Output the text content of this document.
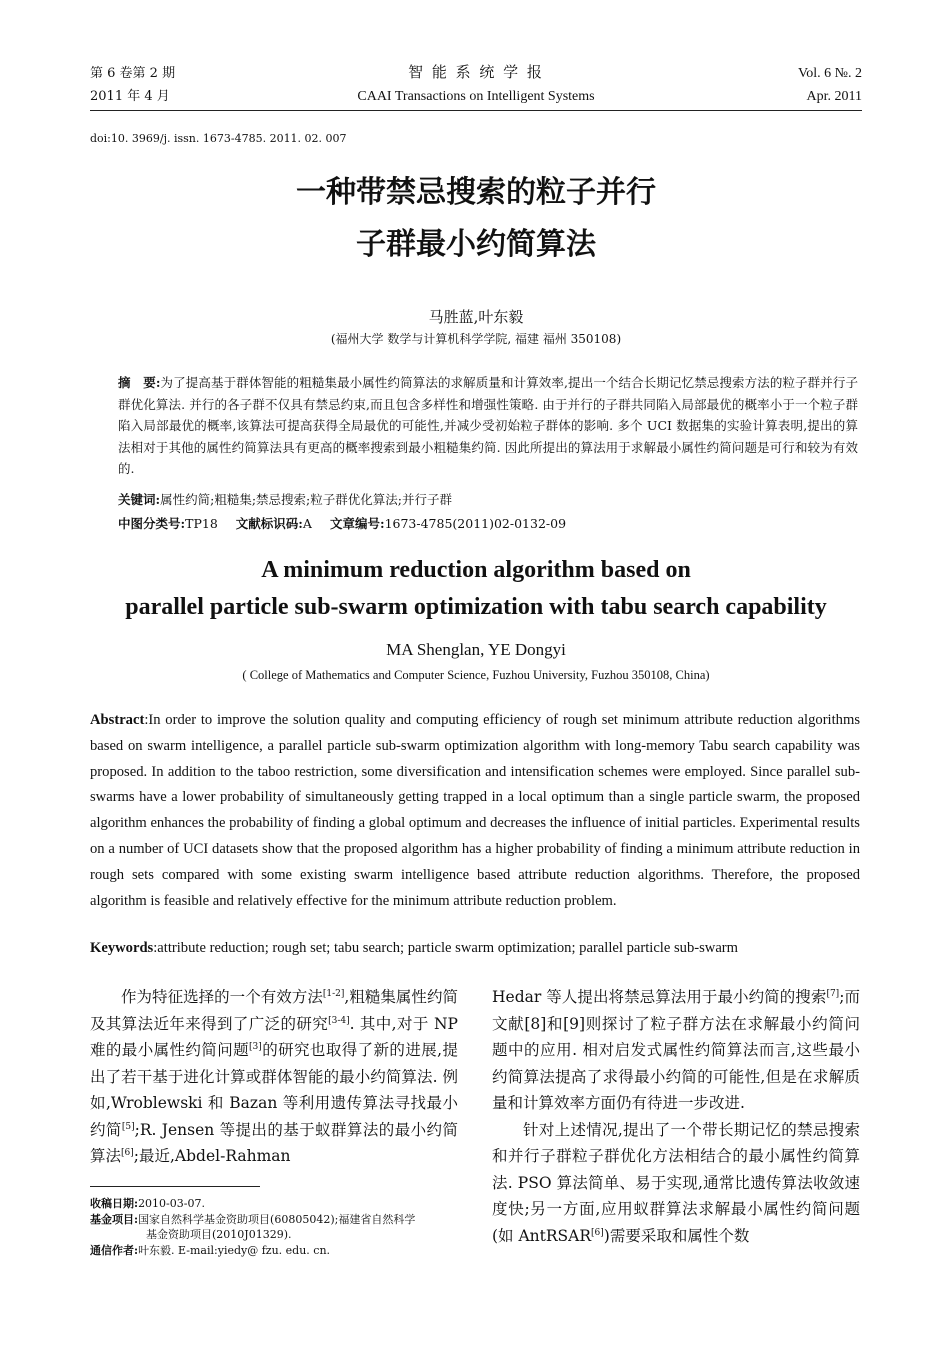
第 6 卷第 2 期
2011 年 4 月
智 能 系 统 学 报
CAAI Transactions on Intelligent Systems
Vol. 6 №. 2
Apr. 2011
doi:10. 3969/j. issn. 1673-4785. 2011. 02. 007
一种带禁忌搜索的粒子并行
子群最小约简算法
马胜蓝,叶东毅
(福州大学 数学与计算机科学学院, 福建 福州 350108)
摘　要:为了提高基于群体智能的粗糙集最小属性约简算法的求解质量和计算效率,提出一个结合长期记忆禁忌搜索方法的粒子群并行子群优化算法. 并行的各子群不仅具有禁忌约束,而且包含多样性和增强性策略. 由于并行的子群共同陷入局部最优的概率小于一个粒子群陷入局部最优的概率,该算法可提高获得全局最优的可能性,并减少受初始粒子群体的影响. 多个 UCI 数据集的实验计算表明,提出的算法相对于其他的属性约简算法具有更高的概率搜索到最小粗糙集约简. 因此所提出的算法用于求解最小属性约简问题是可行和较为有效的.
关键词:属性约简;粗糙集;禁忌搜索;粒子群优化算法;并行子群
中图分类号:TP18 文献标识码:A 文章编号:1673-4785(2011)02-0132-09
A minimum reduction algorithm based on
parallel particle sub-swarm optimization with tabu search capability
MA Shenglan, YE Dongyi
( College of Mathematics and Computer Science, Fuzhou University, Fuzhou 350108, China)
Abstract:In order to improve the solution quality and computing efficiency of rough set minimum attribute reduction algorithms based on swarm intelligence, a parallel particle sub-swarm optimization algorithm with long-memory Tabu search capability was proposed. In addition to the taboo restriction, some diversification and intensification schemes were employed. Since parallel sub-swarms have a lower probability of simultaneously getting trapped in a local optimum than a single particle swarm, the proposed algorithm enhances the probability of finding a global optimum and decreases the influence of initial particles. Experimental results on a number of UCI datasets show that the proposed algorithm has a higher probability of finding a minimum attribute reduction in rough sets compared with some existing swarm intelligence based attribute reduction algorithms. Therefore, the proposed algorithm is feasible and relatively effective for the minimum attribute reduction problem.
Keywords:attribute reduction; rough set; tabu search; particle swarm optimization; parallel particle sub-swarm

作为特征选择的一个有效方法[1-2],粗糙集属性约简及其算法近年来得到了广泛的研究[3-4]. 其中,对于 NP 难的最小属性约简问题[3]的研究也取得了新的进展,提出了若干基于进化计算或群体智能的最小约简算法. 例如,Wroblewski 和 Bazan 等利用遗传算法寻找最小约简[5];R. Jensen 等提出的基于蚁群算法的最小约简算法[6];最近,Abdel-Rahman

Hedar 等人提出将禁忌算法用于最小约简的搜索[7];而文献[8]和[9]则探讨了粒子群方法在求解最小约简问题中的应用. 相对启发式属性约简算法而言,这些最小约简算法提高了求得最小约简的可能性,但是在求解质量和计算效率方面仍有待进一步改进.

针对上述情况,提出了一个带长期记忆的禁忌搜索和并行子群粒子群优化方法相结合的最小属性约简算法. PSO 算法简单、易于实现,通常比遗传算法收敛速度快;另一方面,应用蚁群算法求解最小属性约简问题(如 AntRSAR[6])需要采取和属性个数

收稿日期:2010-03-07.
基金项目:国家自然科学基金资助项目(60805042);福建省自然科学
基金资助项目(2010J01329).
通信作者:叶东毅. E-mail:yiedy@ fzu. edu. cn.
